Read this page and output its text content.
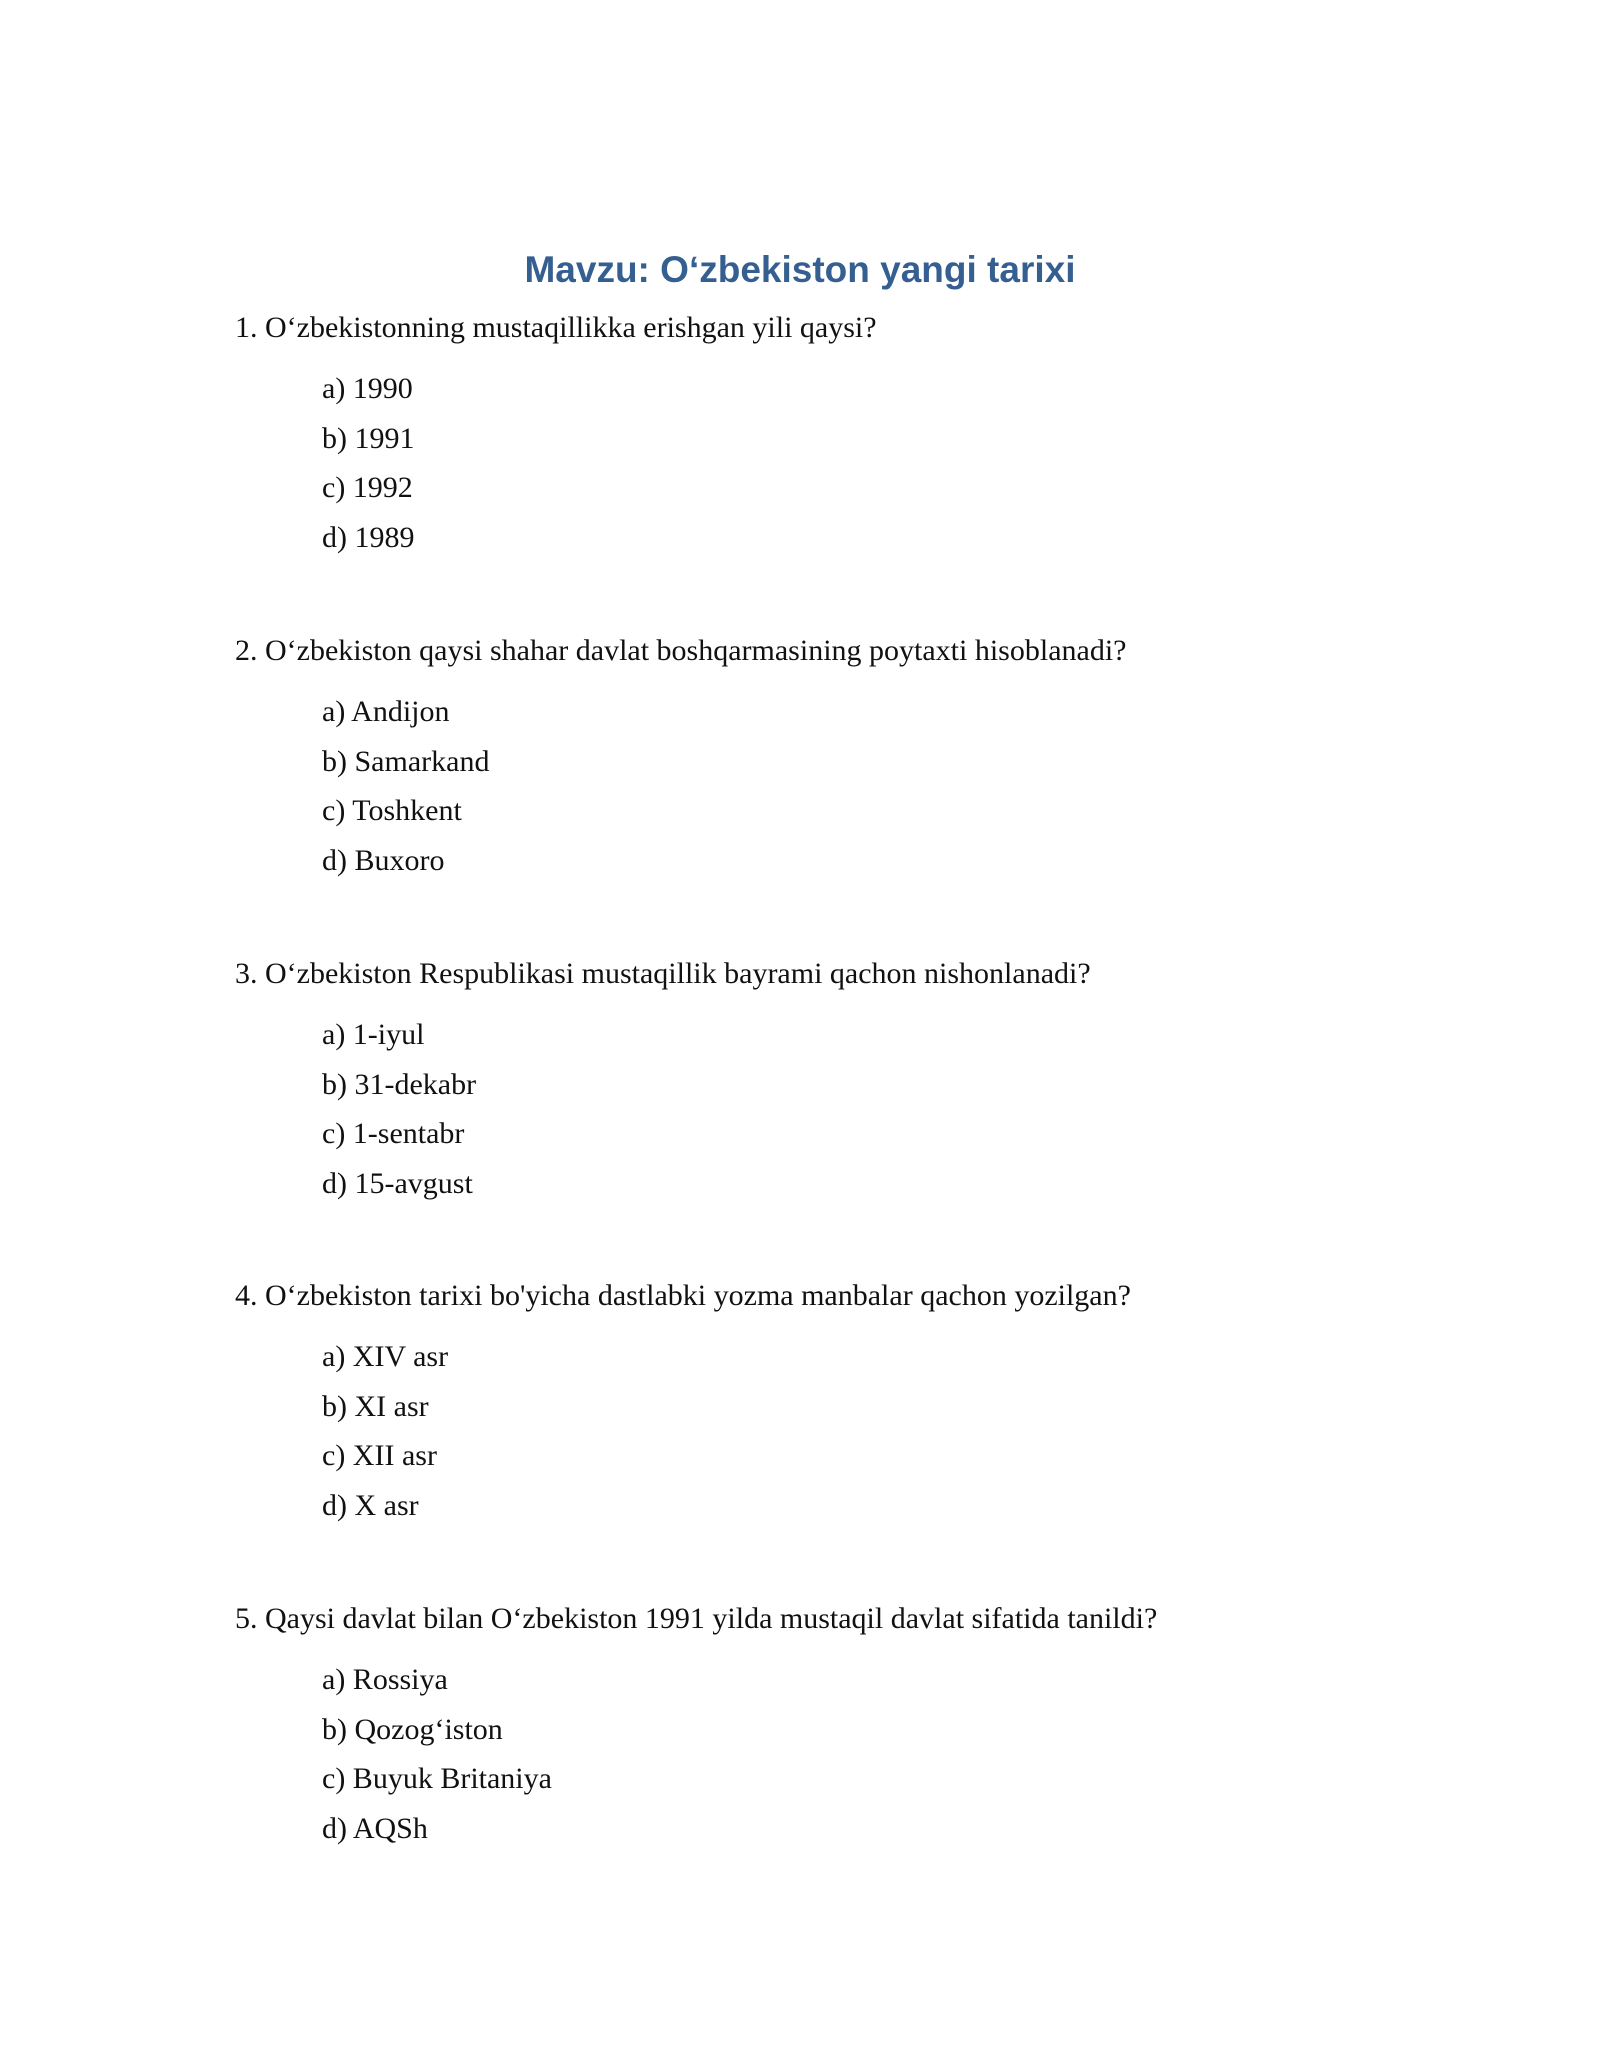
Mavzu: O‘zbekiston yangi tarixi

1. O‘zbekistonning mustaqillikka erishgan yili qaysi?

a) 1990
b) 1991
c) 1992
d) 1989

2. O‘zbekiston qaysi shahar davlat boshqarmasining poytaxti hisoblanadi?

a) Andijon
b) Samarkand
c) Toshkent
d) Buxoro

3. O‘zbekiston Respublikasi mustaqillik bayrami qachon nishonlanadi?

a) 1-iyul
b) 31-dekabr
c) 1-sentabr
d) 15-avgust

4. O‘zbekiston tarixi bo'yicha dastlabki yozma manbalar qachon yozilgan?

a) XIV asr
b) XI asr
c) XII asr
d) X asr

5. Qaysi davlat bilan O‘zbekiston 1991 yilda mustaqil davlat sifatida tanildi?

a) Rossiya
b) Qozog‘iston
c) Buyuk Britaniya
d) AQSh
